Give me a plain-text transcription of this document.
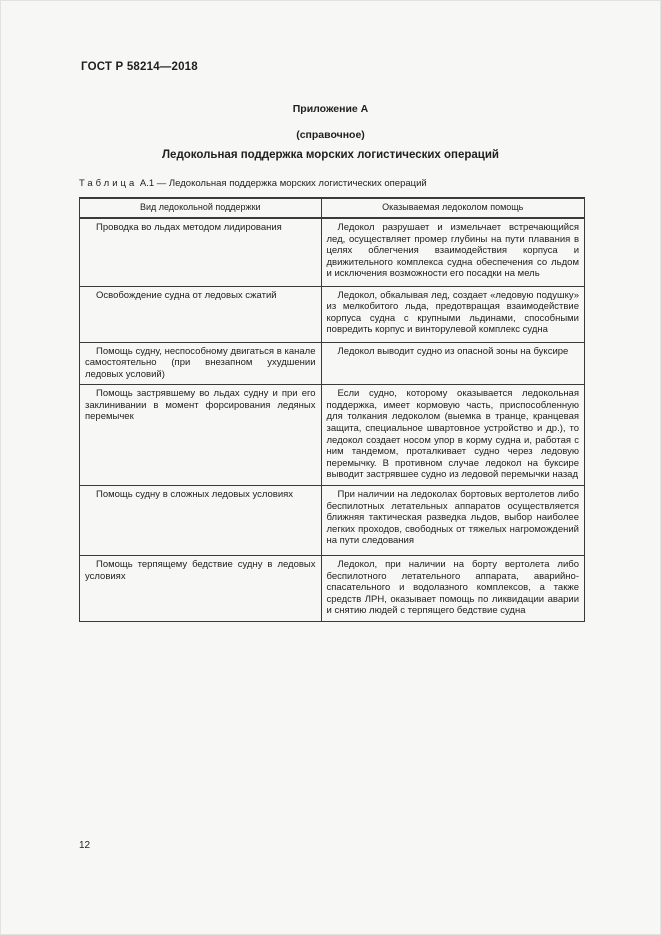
ГОСТ Р 58214—2018

Приложение А

(справочное)

Ледокольная поддержка морских логистических операций
Таблица А.1 — Ледокольная поддержка морских логистических операций
Вид ледокольной поддержки	Оказываемая ледоколом помощь

Проводка во льдах методом лидирования	Ледокол разрушает и измельчает встречающийся лед, осуществляет промер глубины на пути плавания в целях облегчения взаимодействия корпуса и движительного комплекса судна обеспечения со льдом и исключения возможности его посадки на мель

Освобождение судна от ледовых сжатий	Ледокол, обкалывая лед, создает «ледовую подушку» из мелкобитого льда, предотвращая взаимодействие корпуса судна с крупными льдинами, способными повредить корпус и винторулевой комплекс судна

Помощь судну, неспособному двигаться в канале самостоятельно (при внезапном ухудшении ледовых условий)	Ледокол выводит судно из опасной зоны на буксире

Помощь застрявшему во льдах судну и при его заклинивании в момент форсирования ледяных перемычек	Если судно, которому оказывается ледокольная поддержка, имеет кормовую часть, приспособленную для толкания ледоколом (выемка в транце, кранцевая защита, специальное швартовное устройство и др.), то ледокол создает носом упор в корму судна и, работая с ним тандемом, проталкивает судно через ледовую перемычку. В противном случае ледокол на буксире выводит застрявшее судно из ледовой перемычки назад

Помощь судну в сложных ледовых условиях	При наличии на ледоколах бортовых вертолетов либо беспилотных летательных аппаратов осуществляется ближняя тактическая разведка льдов, выбор наиболее легких проходов, свободных от тяжелых нагромождений на пути следования

Помощь терпящему бедствие судну в ледовых условиях	Ледокол, при наличии на борту вертолета либо беспилотного летательного аппарата, аварийно-спасательного и водолазного комплексов, а также средств ЛРН, оказывает помощь по ликвидации аварии и снятию людей с терпящего бедствие судна
12
